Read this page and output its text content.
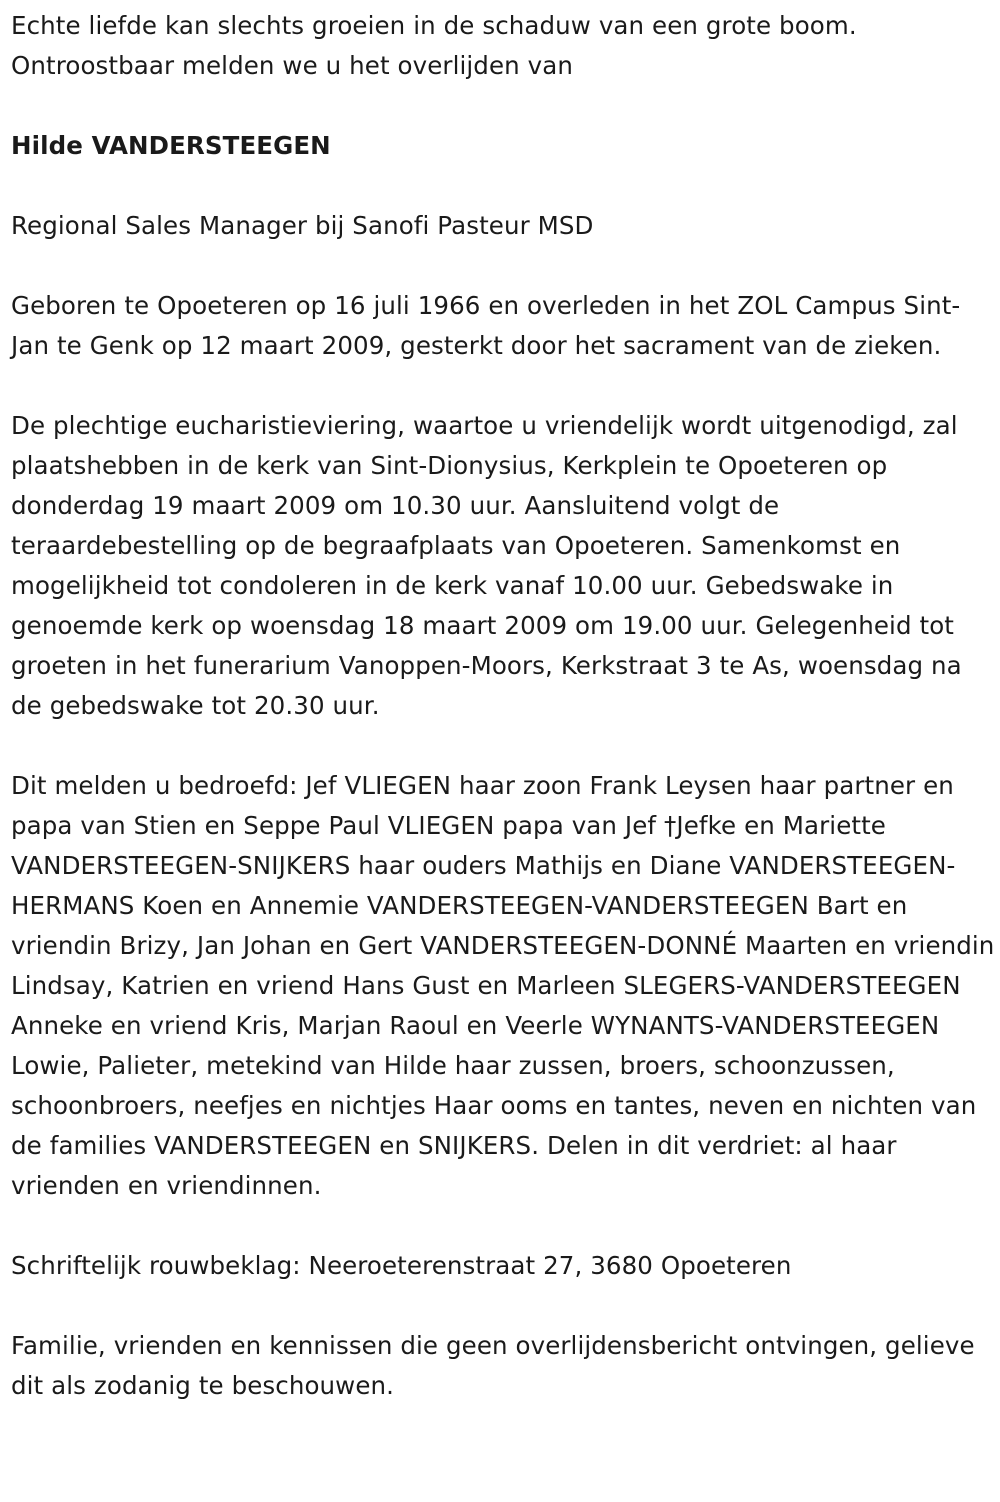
Echte liefde kan slechts groeien in de schaduw van een grote boom.
Ontroostbaar melden we u het overlijden van

Hilde VANDERSTEEGEN

Regional Sales Manager bij Sanofi Pasteur MSD

Geboren te Opoeteren op 16 juli 1966 en overleden in het ZOL Campus Sint-Jan te Genk op 12 maart 2009, gesterkt door het sacrament van de zieken.

De plechtige eucharistieviering, waartoe u vriendelijk wordt uitgenodigd, zal plaatshebben in de kerk van Sint-Dionysius, Kerkplein te Opoeteren op donderdag 19 maart 2009 om 10.30 uur. Aansluitend volgt de teraardebestelling op de begraafplaats van Opoeteren. Samenkomst en mogelijkheid tot condoleren in de kerk vanaf 10.00 uur. Gebedswake in genoemde kerk op woensdag 18 maart 2009 om 19.00 uur. Gelegenheid tot groeten in het funerarium Vanoppen-Moors, Kerkstraat 3 te As, woensdag na de gebedswake tot 20.30 uur.

Dit melden u bedroefd: Jef VLIEGEN haar zoon Frank Leysen haar partner en papa van Stien en Seppe Paul VLIEGEN papa van Jef †Jefke en Mariette VANDERSTEEGEN-SNIJKERS haar ouders Mathijs en Diane VANDERSTEEGEN-HERMANS Koen en Annemie VANDERSTEEGEN-VANDERSTEEGEN Bart en vriendin Brizy, Jan Johan en Gert VANDERSTEEGEN-DONNÉ Maarten en vriendin Lindsay, Katrien en vriend Hans Gust en Marleen SLEGERS-VANDERSTEEGEN Anneke en vriend Kris, Marjan Raoul en Veerle WYNANTS-VANDERSTEEGEN Lowie, Palieter, metekind van Hilde haar zussen, broers, schoonzussen, schoonbroers, neefjes en nichtjes Haar ooms en tantes, neven en nichten van de families VANDERSTEEGEN en SNIJKERS. Delen in dit verdriet: al haar vrienden en vriendinnen.

Schriftelijk rouwbeklag: Neeroeterenstraat 27, 3680 Opoeteren

Familie, vrienden en kennissen die geen overlijdensbericht ontvingen, gelieve dit als zodanig te beschouwen.
